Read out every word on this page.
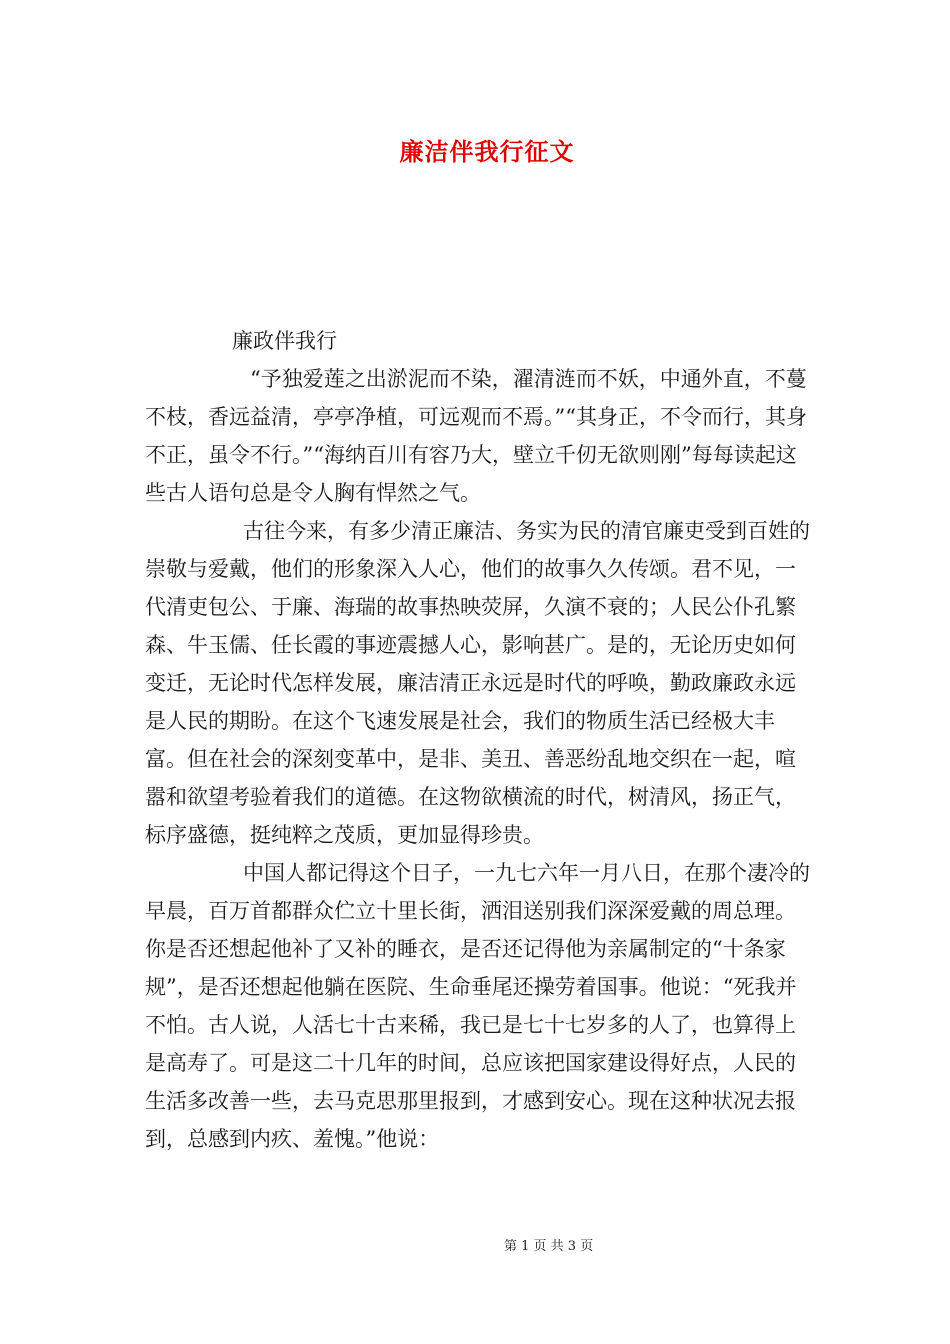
廉洁伴我行征文

廉政伴我行

“予独爱莲之出淤泥而不染，濯清涟而不妖，中通外直，不蔓不枝，香远益清，亭亭净植，可远观而不焉。”“其身正，不令而行，其身不正，虽令不行。”“海纳百川有容乃大，壁立千仞无欲则刚”每每读起这些古人语句总是令人胸有悍然之气。

古往今来，有多少清正廉洁、务实为民的清官廉吏受到百姓的崇敬与爱戴，他们的形象深入人心，他们的故事久久传颂。君不见，一代清吏包公、于廉、海瑞的故事热映荧屏，久演不衰的；人民公仆孔繁森、牛玉儒、任长霞的事迹震撼人心，影响甚广。是的，无论历史如何变迁，无论时代怎样发展，廉洁清正永远是时代的呼唤，勤政廉政永远是人民的期盼。在这个飞速发展是社会，我们的物质生活已经极大丰富。但在社会的深刻变革中，是非、美丑、善恶纷乱地交织在一起，喧嚣和欲望考验着我们的道德。在这物欲横流的时代，树清风，扬正气，标序盛德，挺纯粹之茂质，更加显得珍贵。

中国人都记得这个日子，一九七六年一月八日，在那个凄冷的早晨，百万首都群众伫立十里长街，洒泪送别我们深深爱戴的周总理。你是否还想起他补了又补的睡衣，是否还记得他为亲属制定的“十条家规”，是否还想起他躺在医院、生命垂尾还操劳着国事。他说：“死我并不怕。古人说，人活七十古来稀，我已是七十七岁多的人了，也算得上是高寿了。可是这二十几年的时间，总应该把国家建设得好点，人民的生活多改善一些，去马克思那里报到，才感到安心。现在这种状况去报到，总感到内疚、羞愧。”他说：

第 1 页 共 3 页
